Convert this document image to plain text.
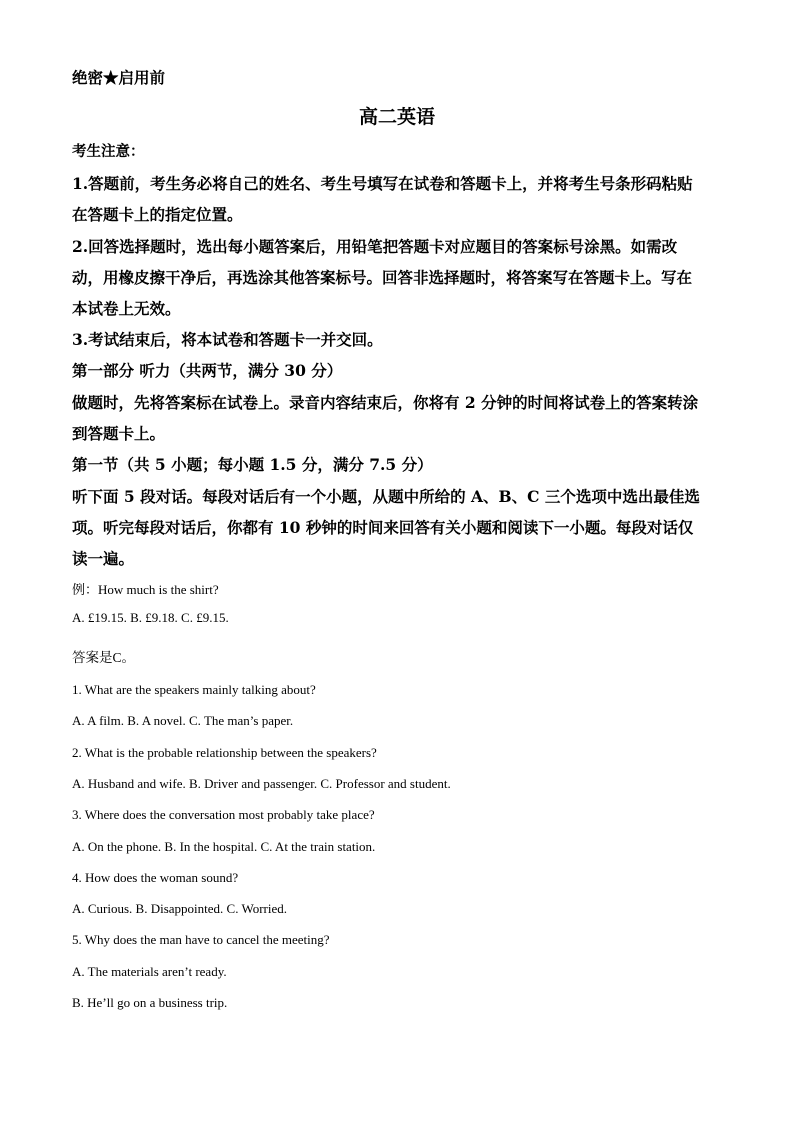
绝密★启用前
高二英语
考生注意：
1.答题前，考生务必将自己的姓名、考生号填写在试卷和答题卡上，并将考生号条形码粘贴
在答题卡上的指定位置。
2.回答选择题时，选出每小题答案后，用铅笔把答题卡对应题目的答案标号涂黑。如需改
动，用橡皮擦干净后，再选涂其他答案标号。回答非选择题时，将答案写在答题卡上。写在
本试卷上无效。
3.考试结束后，将本试卷和答题卡一并交回。
第一部分 听力（共两节，满分 30 分）
做题时，先将答案标在试卷上。录音内容结束后，你将有 2 分钟的时间将试卷上的答案转涂
到答题卡上。
第一节（共 5 小题；每小题 1.5 分，满分 7.5 分）
听下面 5 段对话。每段对话后有一个小题，从题中所给的 A、B、C 三个选项中选出最佳选
项。听完每段对话后，你都有 10 秒钟的时间来回答有关小题和阅读下一小题。每段对话仅
读一遍。
例：How much is the shirt?
A. £19.15. B. £9.18. C. £9.15.
答案是C。
1. What are the speakers mainly talking about?
A. A film. B. A novel. C. The man’s paper.
2. What is the probable relationship between the speakers?
A. Husband and wife. B. Driver and passenger. C. Professor and student.
3. Where does the conversation most probably take place?
A. On the phone. B. In the hospital. C. At the train station.
4. How does the woman sound?
A. Curious. B. Disappointed. C. Worried.
5. Why does the man have to cancel the meeting?
A. The materials aren’t ready.
B. He’ll go on a business trip.
